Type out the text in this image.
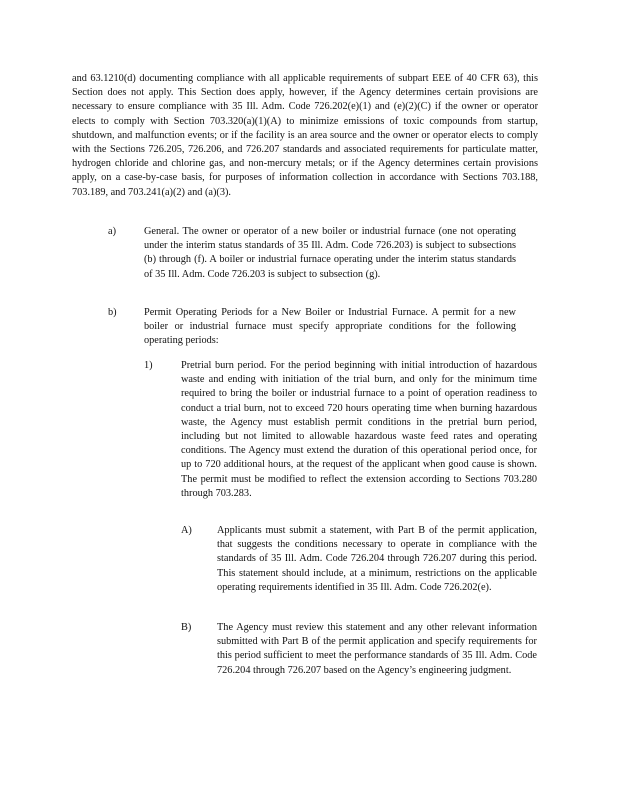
and 63.1210(d) documenting compliance with all applicable requirements of subpart EEE of 40 CFR 63), this Section does not apply. This Section does apply, however, if the Agency determines certain provisions are necessary to ensure compliance with 35 Ill. Adm. Code 726.202(e)(1) and (e)(2)(C) if the owner or operator elects to comply with Section 703.320(a)(1)(A) to minimize emissions of toxic compounds from startup, shutdown, and malfunction events; or if the facility is an area source and the owner or operator elects to comply with the Sections 726.205, 726.206, and 726.207 standards and associated requirements for particulate matter, hydrogen chloride and chlorine gas, and non-mercury metals; or if the Agency determines certain provisions apply, on a case-by-case basis, for purposes of information collection in accordance with Sections 703.188, 703.189, and 703.241(a)(2) and (a)(3).
a)	General. The owner or operator of a new boiler or industrial furnace (one not operating under the interim status standards of 35 Ill. Adm. Code 726.203) is subject to subsections (b) through (f). A boiler or industrial furnace operating under the interim status standards of 35 Ill. Adm. Code 726.203 is subject to subsection (g).
b)	Permit Operating Periods for a New Boiler or Industrial Furnace. A permit for a new boiler or industrial furnace must specify appropriate conditions for the following operating periods:
1)	Pretrial burn period. For the period beginning with initial introduction of hazardous waste and ending with initiation of the trial burn, and only for the minimum time required to bring the boiler or industrial furnace to a point of operation readiness to conduct a trial burn, not to exceed 720 hours operating time when burning hazardous waste, the Agency must establish permit conditions in the pretrial burn period, including but not limited to allowable hazardous waste feed rates and operating conditions. The Agency must extend the duration of this operational period once, for up to 720 additional hours, at the request of the applicant when good cause is shown. The permit must be modified to reflect the extension according to Sections 703.280 through 703.283.
A) Applicants must submit a statement, with Part B of the permit application, that suggests the conditions necessary to operate in compliance with the standards of 35 Ill. Adm. Code 726.204 through 726.207 during this period. This statement should include, at a minimum, restrictions on the applicable operating requirements identified in 35 Ill. Adm. Code 726.202(e).
B) The Agency must review this statement and any other relevant information submitted with Part B of the permit application and specify requirements for this period sufficient to meet the performance standards of 35 Ill. Adm. Code 726.204 through 726.207 based on the Agency’s engineering judgment.
